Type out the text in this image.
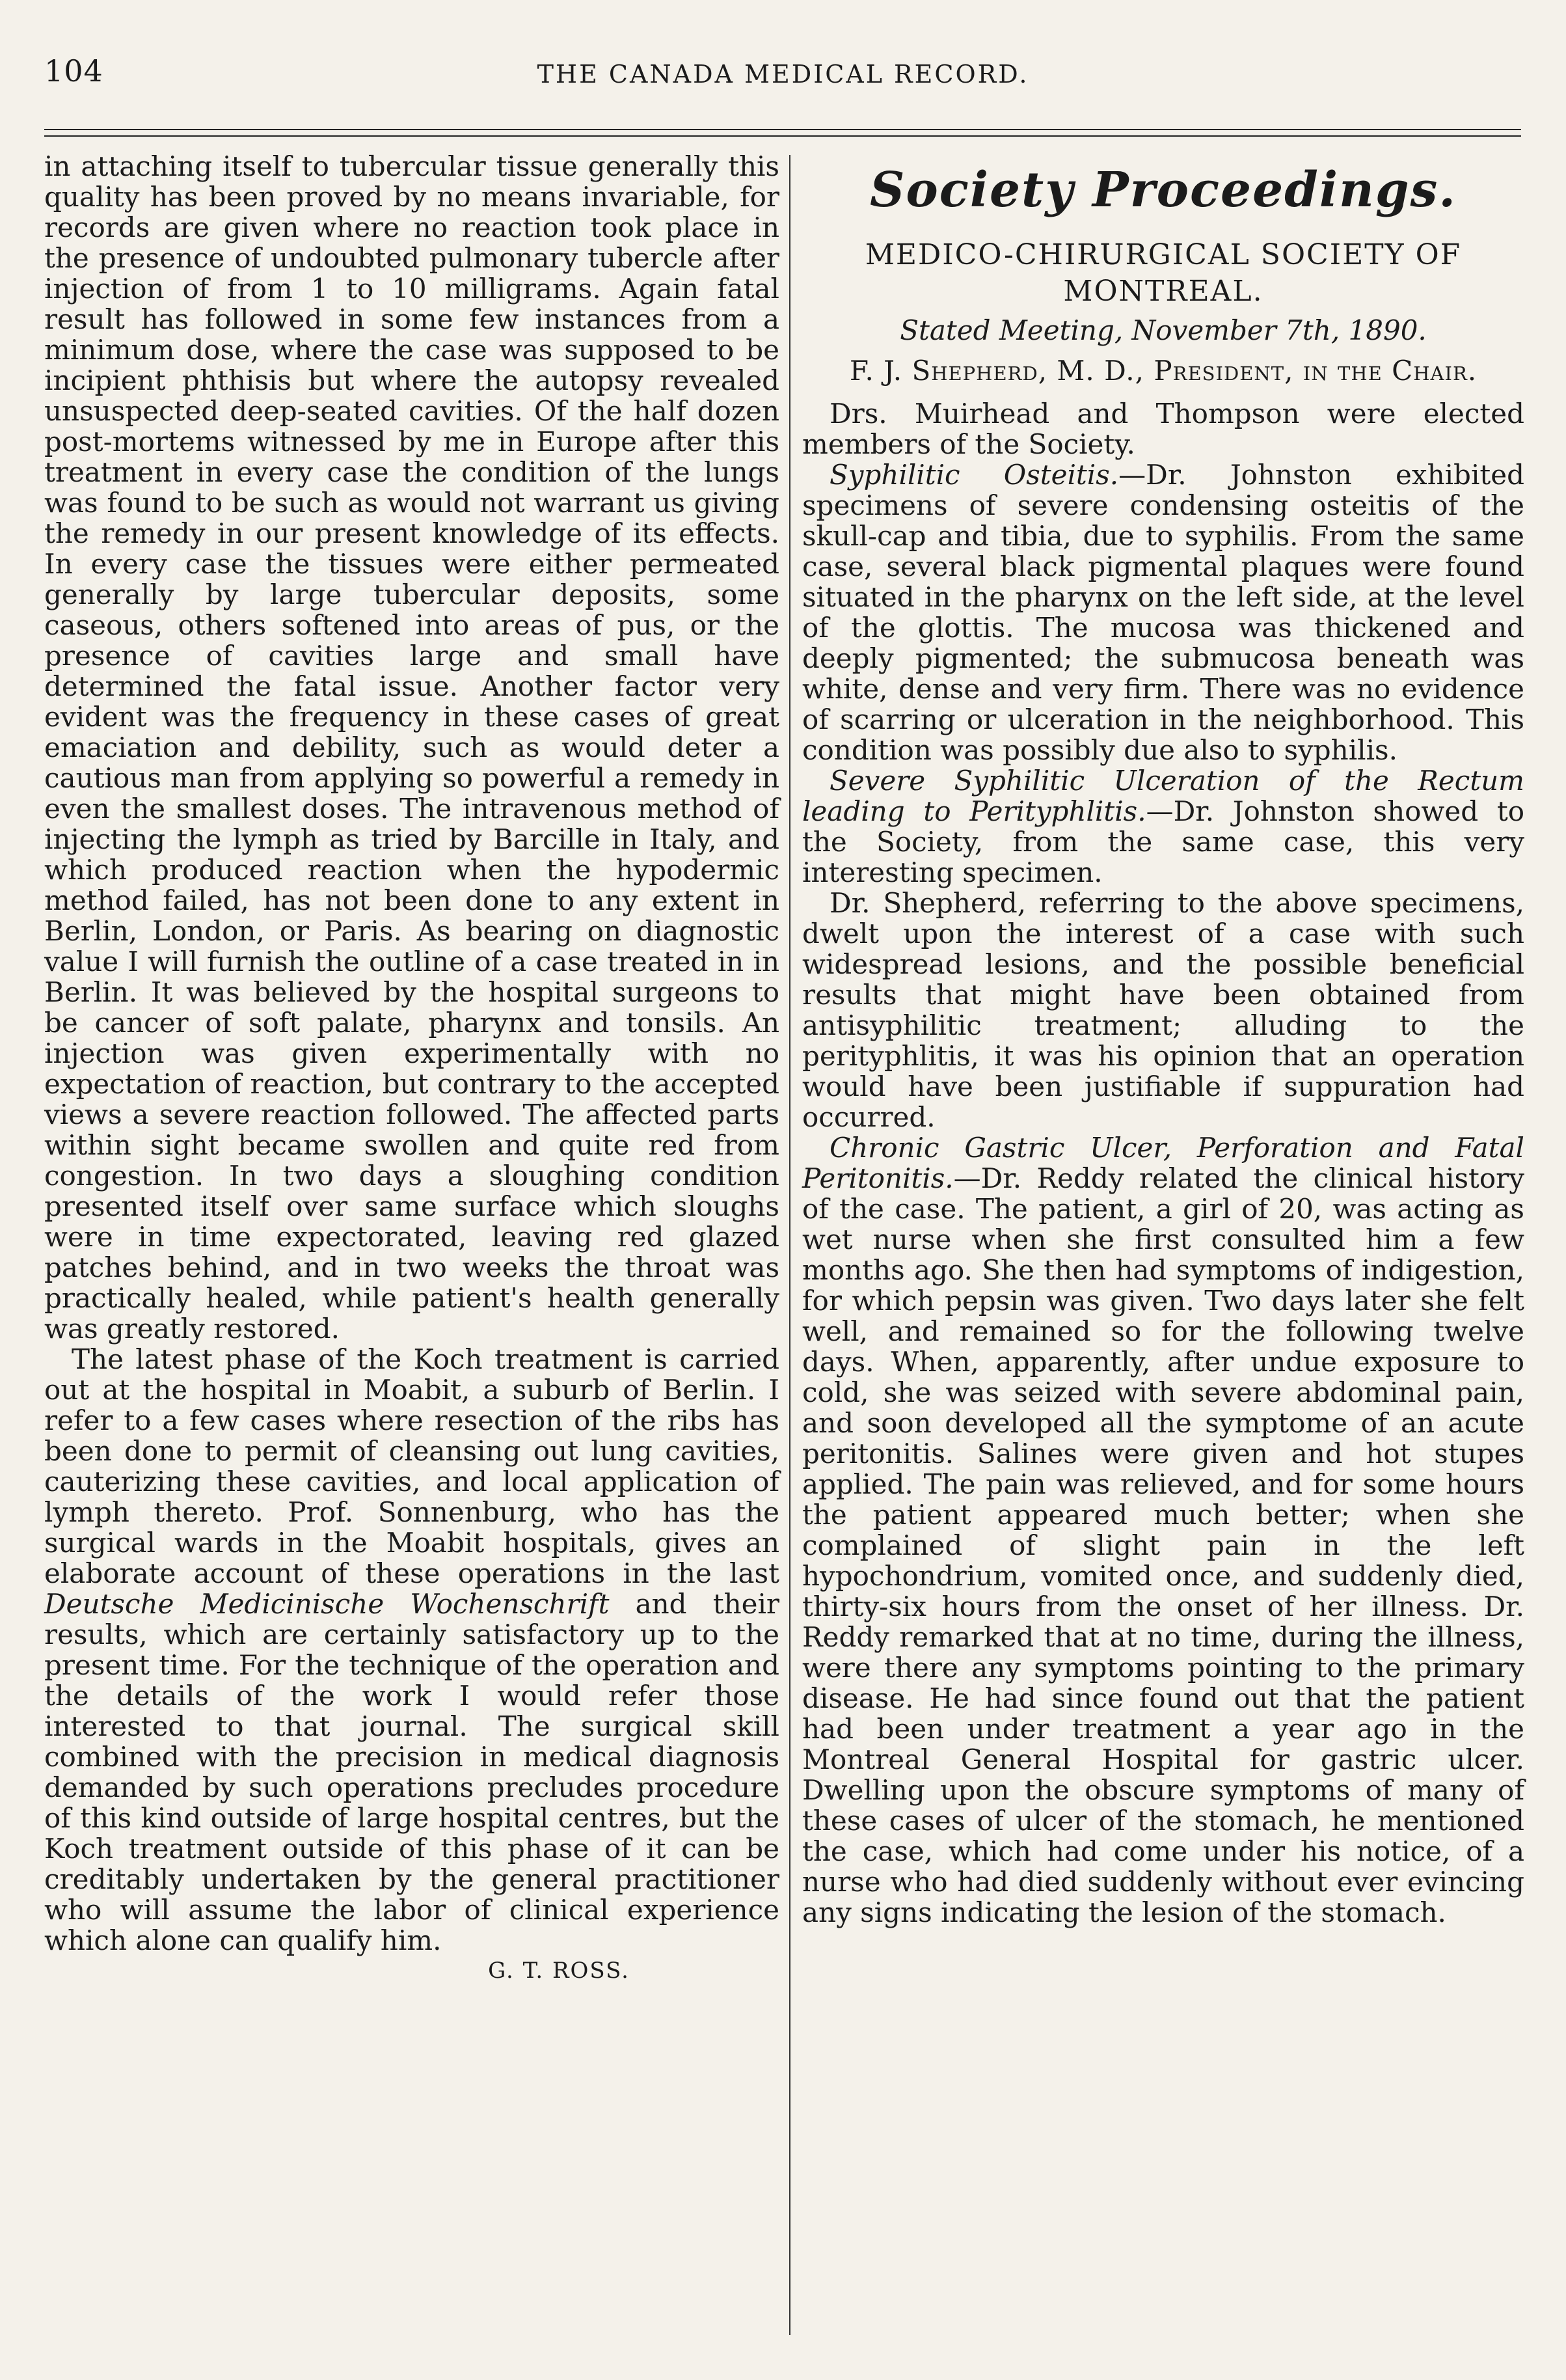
104	THE CANADA MEDICAL RECORD.

in attaching itself to tubercular tissue generally this quality has been proved by no means invariable, for records are given where no reaction took place in the presence of undoubted pulmonary tubercle after injection of from 1 to 10 milligrams. Again fatal result has followed in some few instances from a minimum dose, where the case was supposed to be incipient phthisis but where the autopsy revealed unsuspected deep-seated cavities. Of the half dozen post-mortems witnessed by me in Europe after this treatment in every case the condition of the lungs was found to be such as would not warrant us giving the remedy in our present knowledge of its effects. In every case the tissues were either permeated generally by large tubercular deposits, some caseous, others softened into areas of pus, or the presence of cavities large and small have determined the fatal issue. Another factor very evident was the frequency in these cases of great emaciation and debility, such as would deter a cautious man from applying so powerful a remedy in even the smallest doses. The intravenous method of injecting the lymph as tried by Barcille in Italy, and which produced reaction when the hypodermic method failed, has not been done to any extent in Berlin, London, or Paris. As bearing on diagnostic value I will furnish the outline of a case treated in in Berlin. It was believed by the hospital surgeons to be cancer of soft palate, pharynx and tonsils. An injection was given experimentally with no expectation of reaction, but contrary to the accepted views a severe reaction followed. The affected parts within sight became swollen and quite red from congestion. In two days a sloughing condition presented itself over same surface which sloughs were in time expectorated, leaving red glazed patches behind, and in two weeks the throat was practically healed, while patient's health generally was greatly restored.

The latest phase of the Koch treatment is carried out at the hospital in Moabit, a suburb of Berlin. I refer to a few cases where resection of the ribs has been done to permit of cleansing out lung cavities, cauterizing these cavities, and local application of lymph thereto. Prof. Sonnenburg, who has the surgical wards in the Moabit hospitals, gives an elaborate account of these operations in the last Deutsche Medicinische Wochenschrift and their results, which are certainly satisfactory up to the present time. For the technique of the operation and the details of the work I would refer those interested to that journal. The surgical skill combined with the precision in medical diagnosis demanded by such operations precludes procedure of this kind outside of large hospital centres, but the Koch treatment outside of this phase of it can be creditably undertaken by the general practitioner who will assume the labor of clinical experience which alone can qualify him.

G. T. ROSS.

Society Proceedings.
MEDICO-CHIRURGICAL SOCIETY OF MONTREAL.
Stated Meeting, November 7th, 1890.
F. J. Shepherd, M. D., President, in the Chair.

Drs. Muirhead and Thompson were elected members of the Society.

Syphilitic Osteitis.—Dr. Johnston exhibited specimens of severe condensing osteitis of the skull-cap and tibia, due to syphilis. From the same case, several black pigmental plaques were found situated in the pharynx on the left side, at the level of the glottis. The mucosa was thickened and deeply pigmented; the submucosa beneath was white, dense and very firm. There was no evidence of scarring or ulceration in the neighborhood. This condition was possibly due also to syphilis.

Severe Syphilitic Ulceration of the Rectum leading to Perityphlitis.—Dr. Johnston showed to the Society, from the same case, this very interesting specimen.

Dr. Shepherd, referring to the above specimens, dwelt upon the interest of a case with such widespread lesions, and the possible beneficial results that might have been obtained from antisyphilitic treatment; alluding to the perityphlitis, it was his opinion that an operation would have been justifiable if suppuration had occurred.

Chronic Gastric Ulcer, Perforation and Fatal Peritonitis.—Dr. Reddy related the clinical history of the case. The patient, a girl of 20, was acting as wet nurse when she first consulted him a few months ago. She then had symptoms of indigestion, for which pepsin was given. Two days later she felt well, and remained so for the following twelve days. When, apparently, after undue exposure to cold, she was seized with severe abdominal pain, and soon developed all the symptome of an acute peritonitis. Salines were given and hot stupes applied. The pain was relieved, and for some hours the patient appeared much better; when she complained of slight pain in the left hypochondrium, vomited once, and suddenly died, thirty-six hours from the onset of her illness. Dr. Reddy remarked that at no time, during the illness, were there any symptoms pointing to the primary disease. He had since found out that the patient had been under treatment a year ago in the Montreal General Hospital for gastric ulcer. Dwelling upon the obscure symptoms of many of these cases of ulcer of the stomach, he mentioned the case, which had come under his notice, of a nurse who had died suddenly without ever evincing any signs indicating the lesion of the stomach.
